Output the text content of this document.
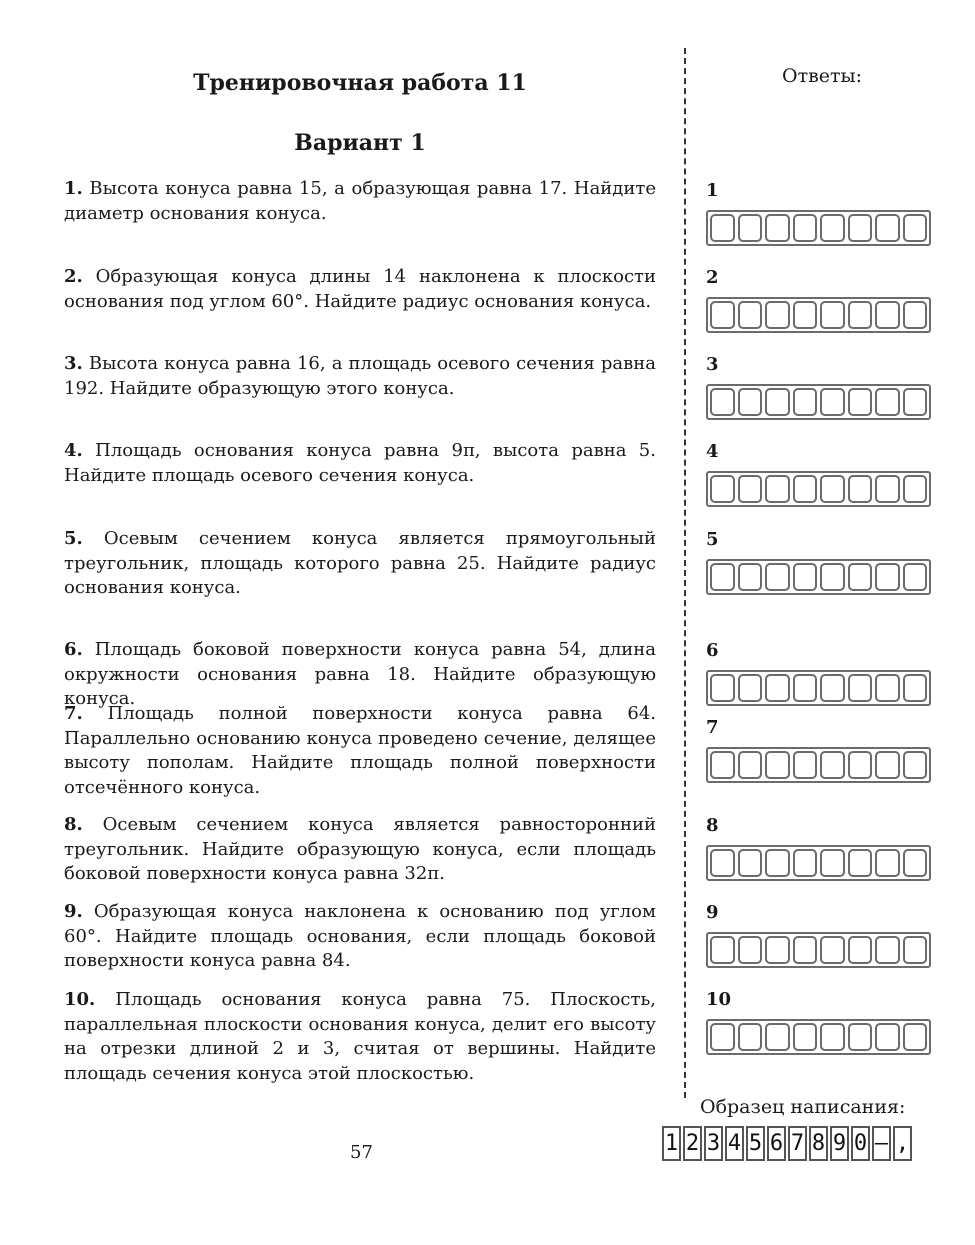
Тренировочная работа 11
Вариант 1
1. Высота конуса равна 15, а образующая равна 17. Найдите диаметр основания конуса.
2. Образующая конуса длины 14 наклонена к плоскости основания под углом 60°. Найдите радиус основания конуса.
3. Высота конуса равна 16, а площадь осевого сечения равна 192. Найдите образующую этого конуса.
4. Площадь основания конуса равна 9π, высота равна 5. Найдите площадь осевого сечения конуса.
5. Осевым сечением конуса является прямоугольный треугольник, площадь которого равна 25. Найдите радиус основания конуса.
6. Площадь боковой поверхности конуса равна 54, длина окружности основания равна 18. Найдите образующую конуса.
7. Площадь полной поверхности конуса равна 64. Параллельно основанию конуса проведено сечение, делящее высоту пополам. Найдите площадь полной поверхности отсечённого конуса.
8. Осевым сечением конуса является равносторонний треугольник. Найдите образующую конуса, если площадь боковой поверхности конуса равна 32π.
9. Образующая конуса наклонена к основанию под углом 60°. Найдите площадь основания, если площадь боковой поверхности конуса равна 84.
10. Площадь основания конуса равна 75. Плоскость, параллельная плоскости основания конуса, делит его высоту на отрезки длиной 2 и 3, считая от вершины. Найдите площадь сечения конуса этой плоскостью.
Ответы:
1
2
3
4
5
6
7
8
9
10
Образец написания:
1 2 3 4 5 6 7 8 9 0 – ,
57
